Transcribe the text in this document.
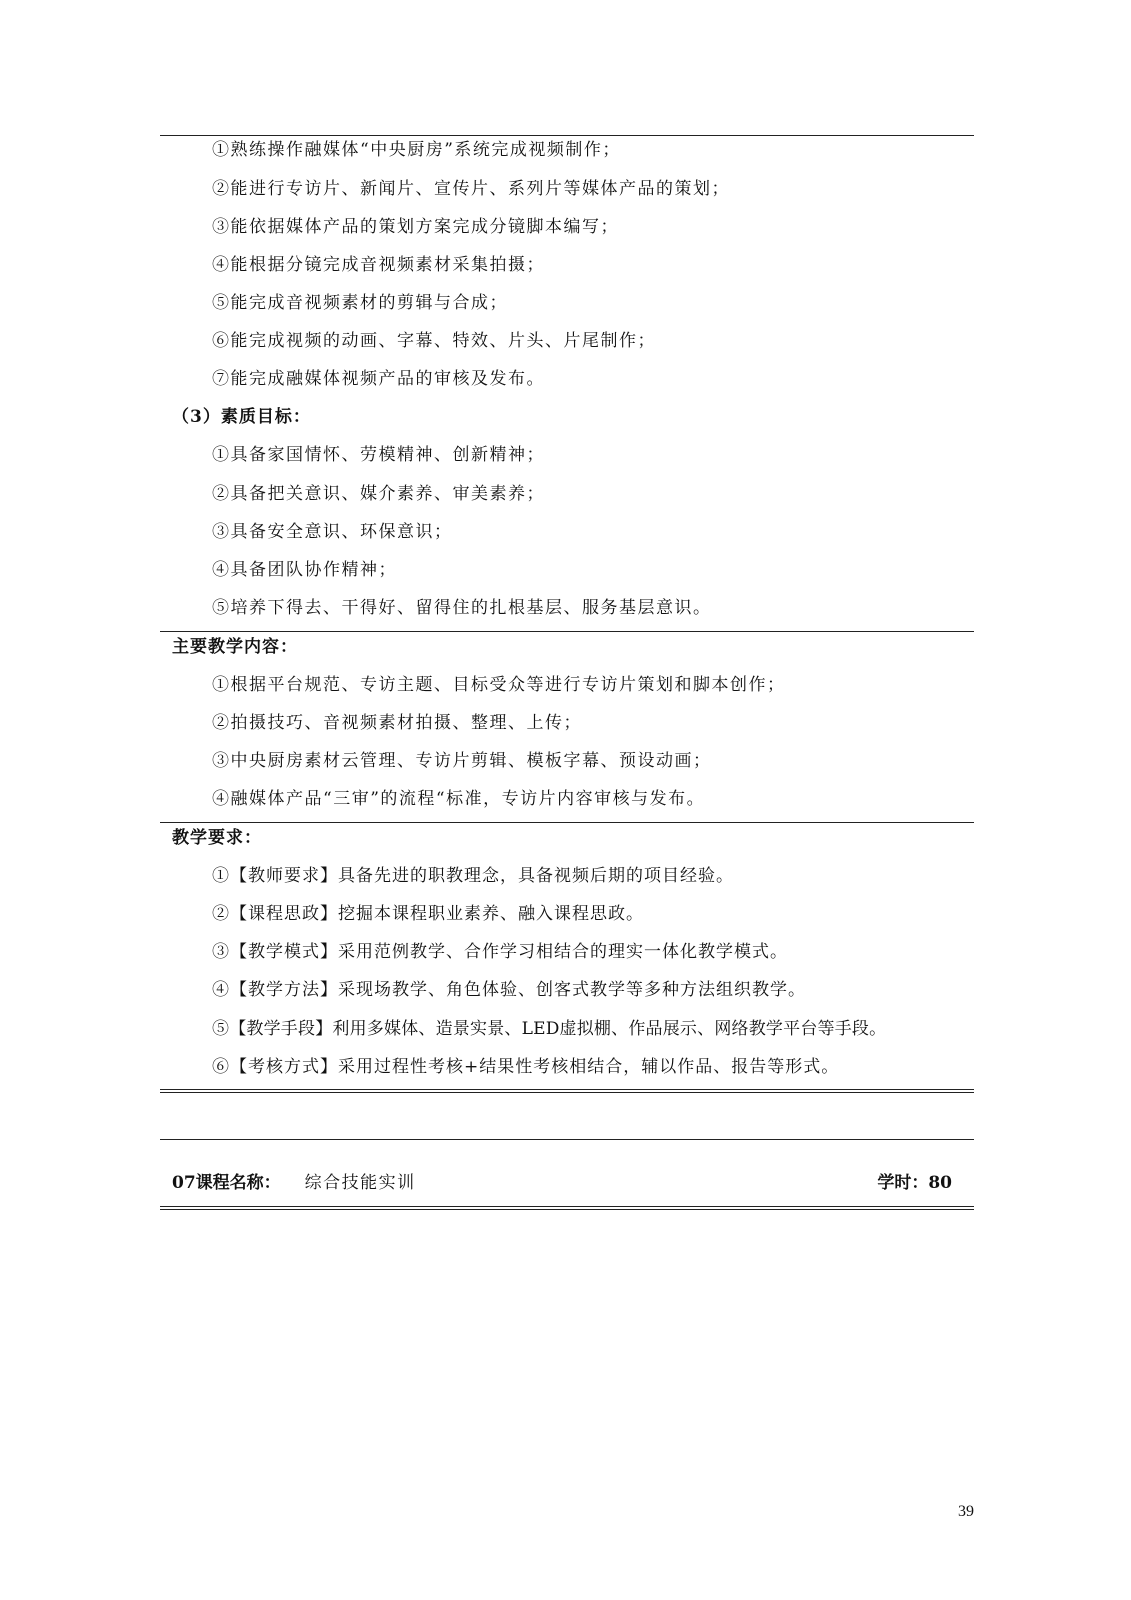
①熟练操作融媒体“中央厨房”系统完成视频制作；
②能进行专访片、新闻片、宣传片、系列片等媒体产品的策划；
③能依据媒体产品的策划方案完成分镜脚本编写；
④能根据分镜完成音视频素材采集拍摄；
⑤能完成音视频素材的剪辑与合成；
⑥能完成视频的动画、字幕、特效、片头、片尾制作；
⑦能完成融媒体视频产品的审核及发布。
（3）素质目标：
①具备家国情怀、劳模精神、创新精神；
②具备把关意识、媒介素养、审美素养；
③具备安全意识、环保意识；
④具备团队协作精神；
⑤培养下得去、干得好、留得住的扎根基层、服务基层意识。
主要教学内容：
①根据平台规范、专访主题、目标受众等进行专访片策划和脚本创作；
②拍摄技巧、音视频素材拍摄、整理、上传；
③中央厨房素材云管理、专访片剪辑、模板字幕、预设动画；
④融媒体产品“三审”的流程“标准，专访片内容审核与发布。
教学要求：
①【教师要求】具备先进的职教理念，具备视频后期的项目经验。
②【课程思政】挖掘本课程职业素养、融入课程思政。
③【教学模式】采用范例教学、合作学习相结合的理实一体化教学模式。
④【教学方法】采现场教学、角色体验、创客式教学等多种方法组织教学。
⑤【教学手段】利用多媒体、造景实景、LED虚拟棚、作品展示、网络教学平台等手段。
⑥【考核方式】采用过程性考核+结果性考核相结合，辅以作品、报告等形式。
07课程名称： 综合技能实训	学时：80
39
